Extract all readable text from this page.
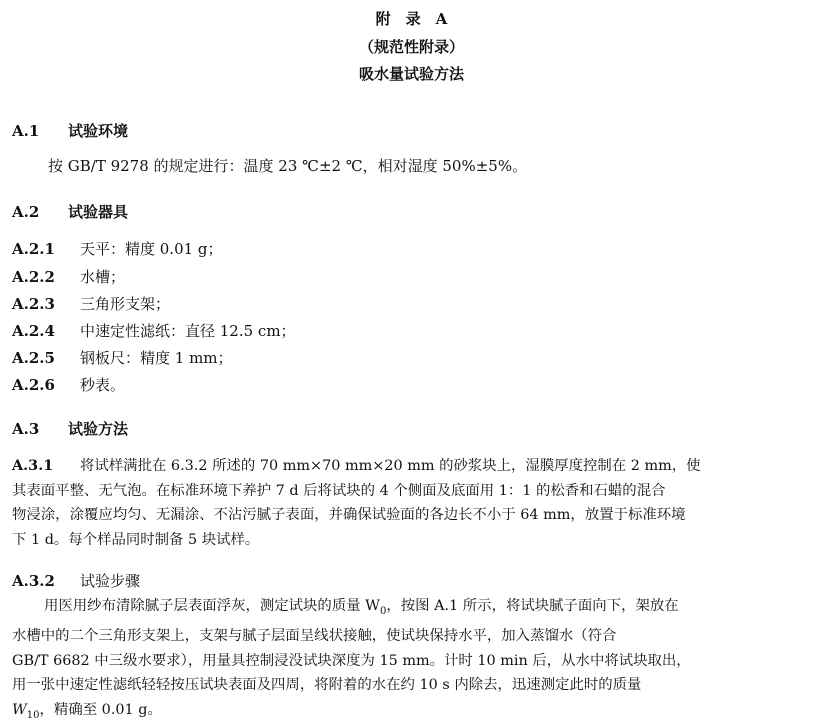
附　录　A
（规范性附录）
吸水量试验方法
A.1 试验环境
按 GB/T 9278 的规定进行：温度 23 ℃±2 ℃，相对湿度 50%±5%。
A.2 试验器具
A.2.1 天平：精度 0.01 g；
A.2.2 水槽；
A.2.3 三角形支架；
A.2.4 中速定性滤纸：直径 12.5 cm；
A.2.5 钢板尺：精度 1 mm；
A.2.6 秒表。
A.3 试验方法
A.3.1 将试样满批在 6.3.2 所述的 70 mm×70 mm×20 mm 的砂浆块上，湿膜厚度控制在 2 mm，使
其表面平整、无气泡。在标准环境下养护 7 d 后将试块的 4 个侧面及底面用 1：1 的松香和石蜡的混合
物浸涂，涂覆应均匀、无漏涂、不沾污腻子表面，并确保试验面的各边长不小于 64 mm，放置于标准环境
下 1 d。每个样品同时制备 5 块试样。
A.3.2 试验步骤
用医用纱布清除腻子层表面浮灰，测定试块的质量 $W_0$，按图 A.1 所示，将试块腻子面向下，架放在
水槽中的二个三角形支架上，支架与腻子层面呈线状接触，使试块保持水平，加入蒸馏水（符合
GB/T 6682 中三级水要求），用量具控制浸没试块深度为 15 mm。计时 10 min 后，从水中将试块取出，
用一张中速定性滤纸轻轻按压试块表面及四周，将附着的水在约 10 s 内除去，迅速测定此时的质量
$W_{10}$，精确至 0.01 g。
